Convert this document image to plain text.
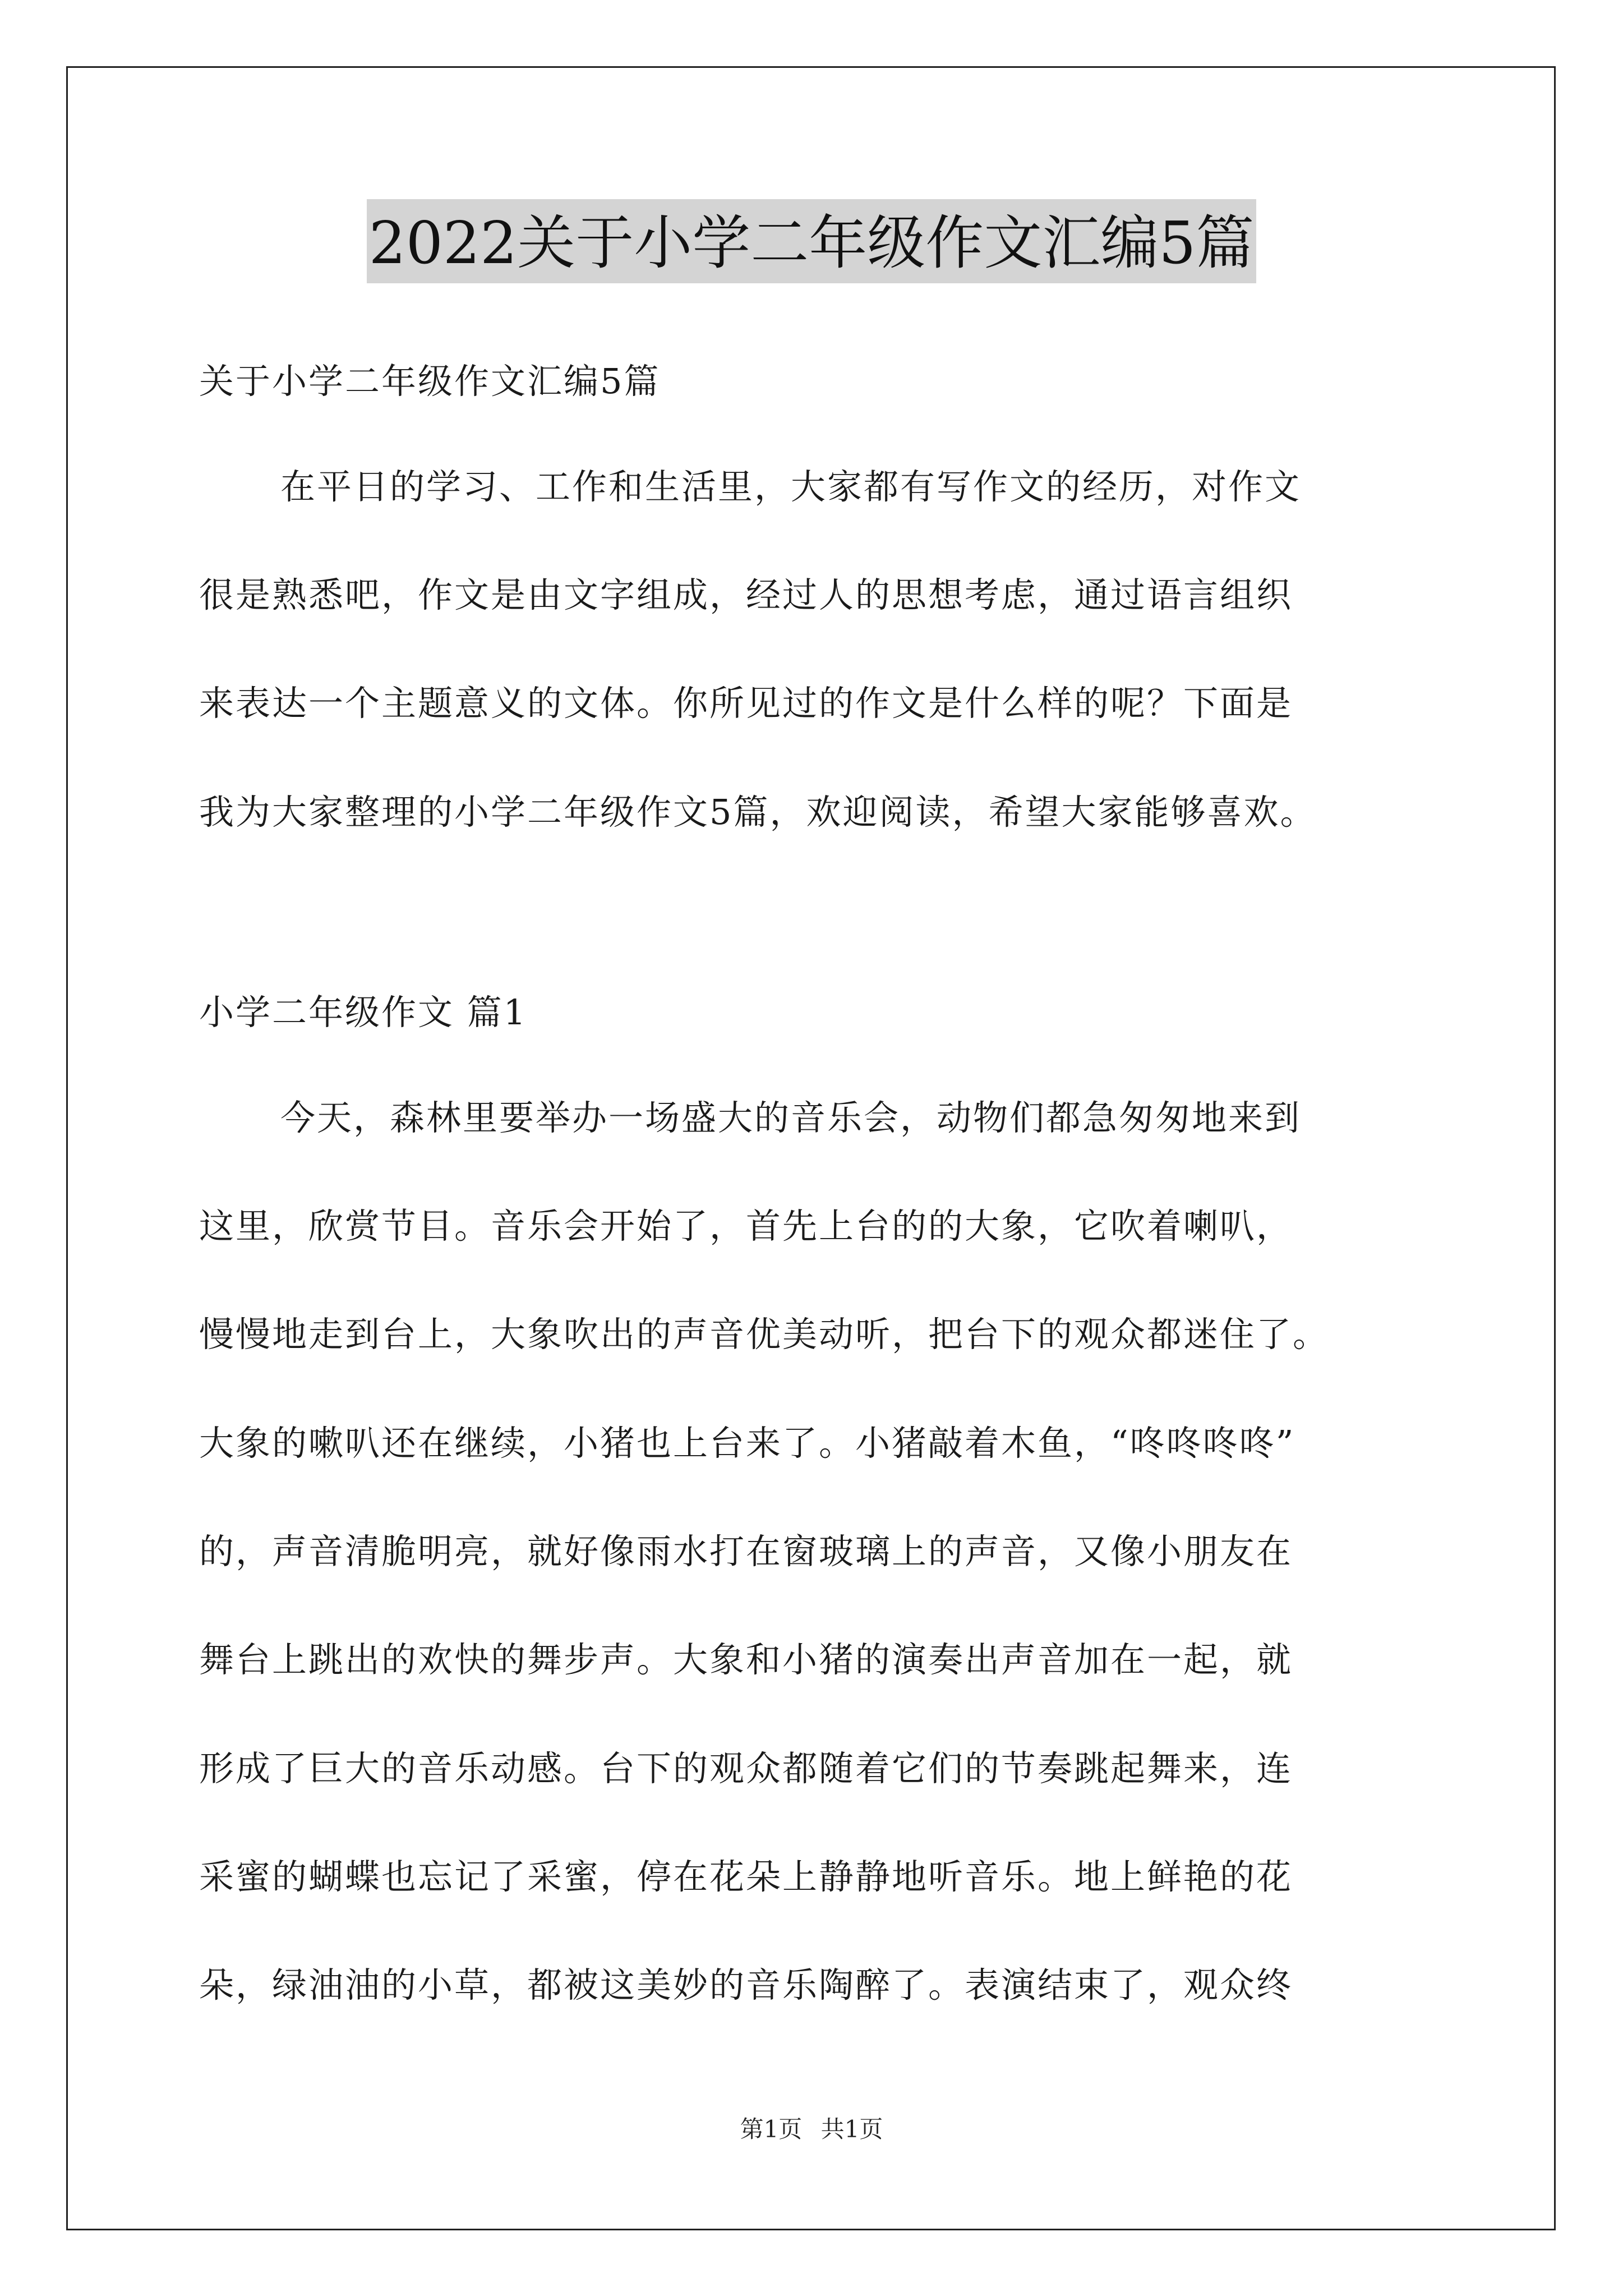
2022关于小学二年级作文汇编5篇
关于小学二年级作文汇编5篇
在平日的学习、工作和生活里，大家都有写作文的经历，对作文
很是熟悉吧，作文是由文字组成，经过人的思想考虑，通过语言组织
来表达一个主题意义的文体。你所见过的作文是什么样的呢？下面是
我为大家整理的小学二年级作文5篇，欢迎阅读，希望大家能够喜欢。
小学二年级作文 篇1
今天，森林里要举办一场盛大的音乐会，动物们都急匆匆地来到
这里，欣赏节目。音乐会开始了，首先上台的的大象，它吹着喇叭，
慢慢地走到台上，大象吹出的声音优美动听，把台下的观众都迷住了。
大象的嗽叭还在继续，小猪也上台来了。小猪敲着木鱼，“咚咚咚咚”
的，声音清脆明亮，就好像雨水打在窗玻璃上的声音，又像小朋友在
舞台上跳出的欢快的舞步声。大象和小猪的演奏出声音加在一起，就
形成了巨大的音乐动感。台下的观众都随着它们的节奏跳起舞来，连
采蜜的蝴蝶也忘记了采蜜，停在花朵上静静地听音乐。地上鲜艳的花
朵，绿油油的小草，都被这美妙的音乐陶醉了。表演结束了，观众终
第1页 共1页
